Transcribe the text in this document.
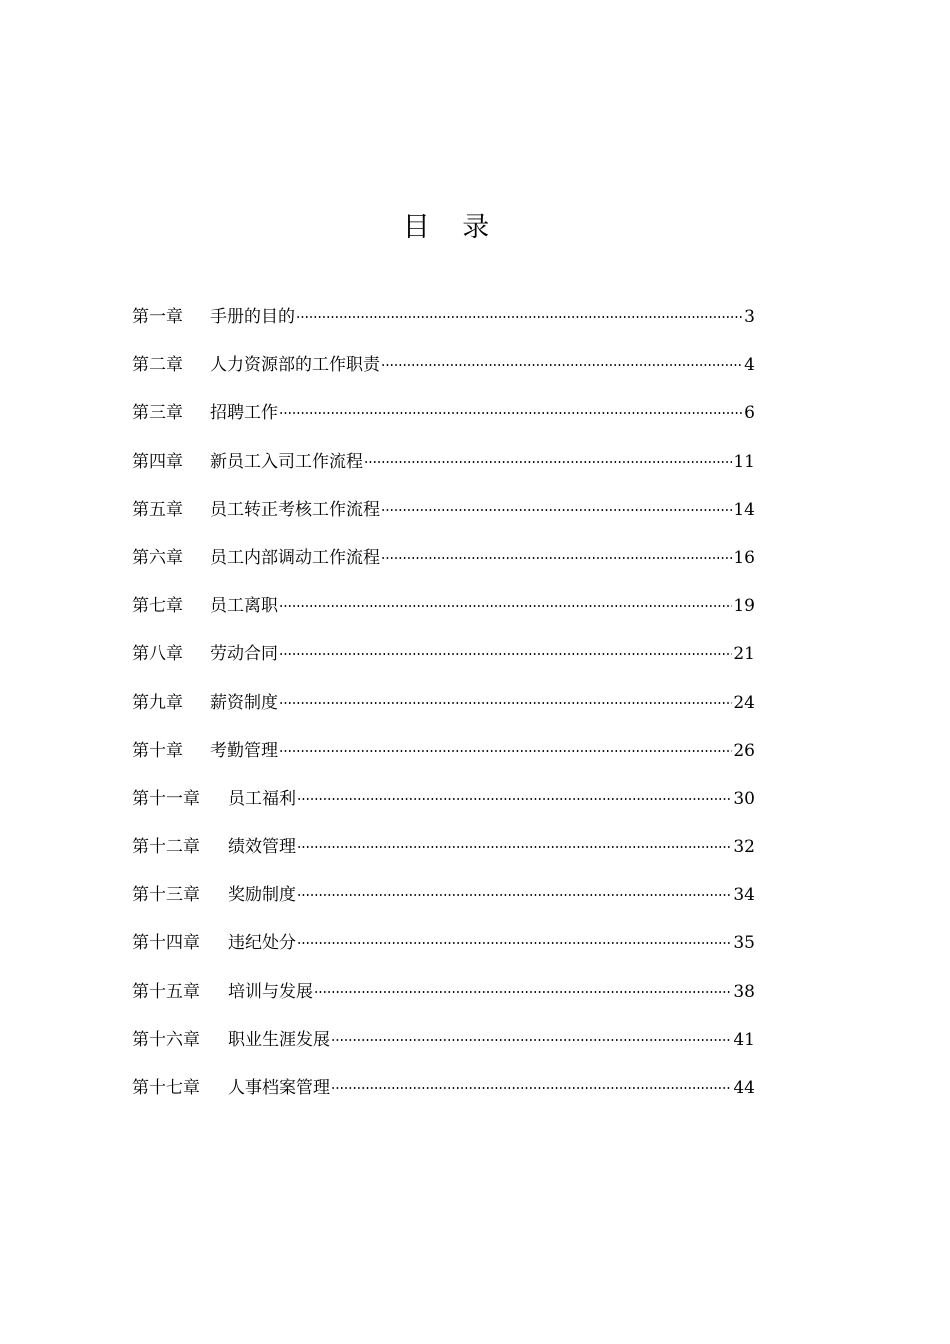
目 录
第一章	手册的目的	3
第二章	人力资源部的工作职责	4
第三章	招聘工作	6
第四章	新员工入司工作流程	11
第五章	员工转正考核工作流程	14
第六章	员工内部调动工作流程	16
第七章	员工离职	19
第八章	劳动合同	21
第九章	薪资制度	24
第十章	考勤管理	26
第十一章	员工福利	30
第十二章	绩效管理	32
第十三章	奖励制度	34
第十四章	违纪处分	35
第十五章	培训与发展	38
第十六章	职业生涯发展	41
第十七章	人事档案管理	44
